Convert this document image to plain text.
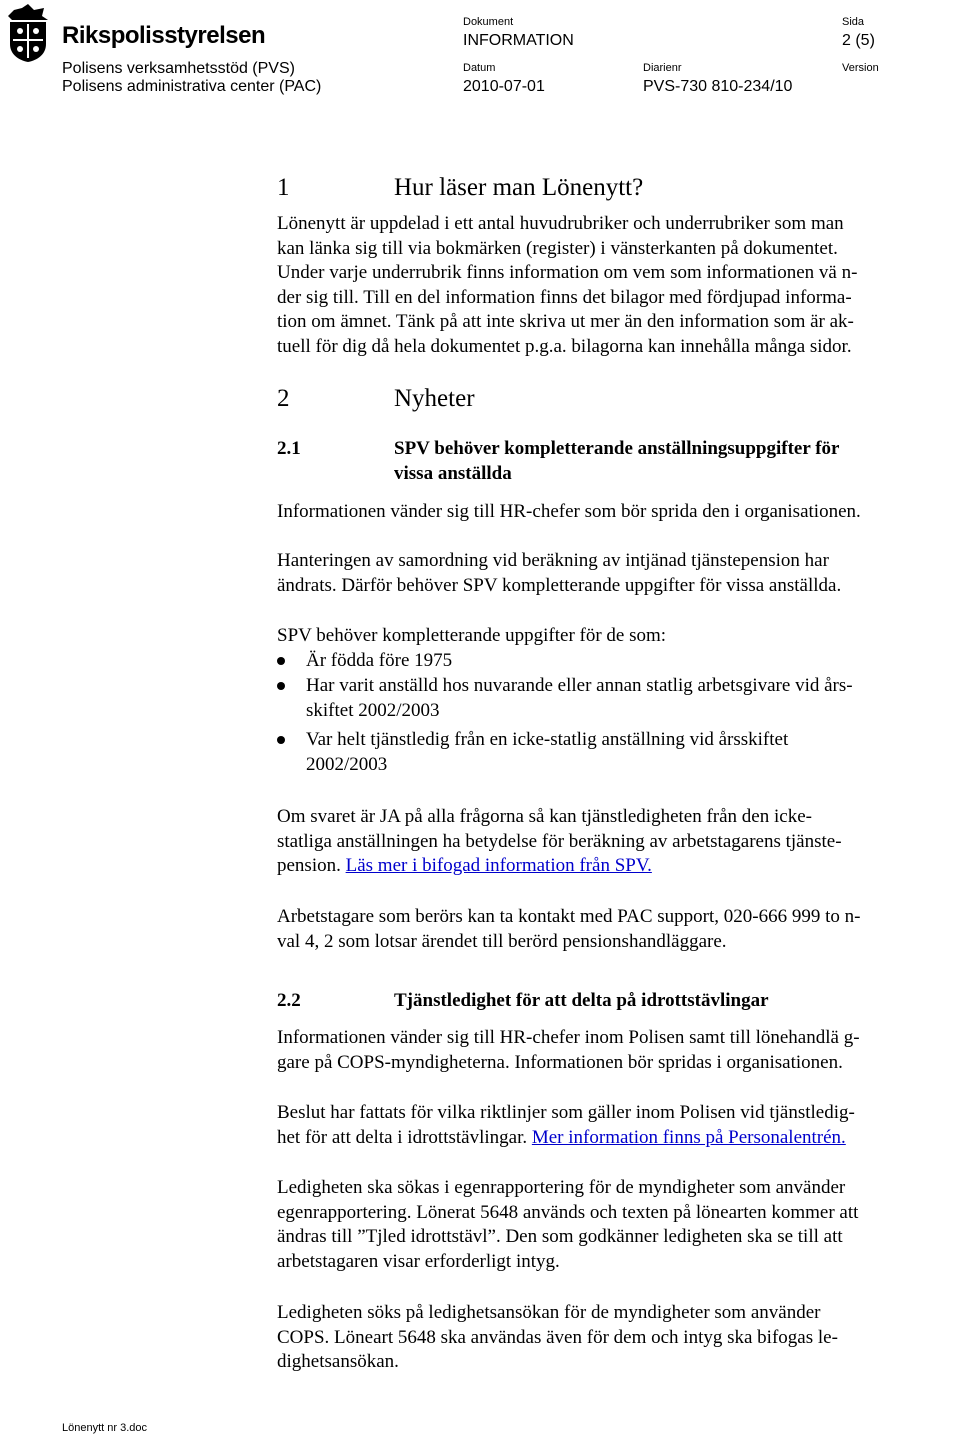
Rikspolisstyrelsen
Polisens verksamhetsstöd (PVS)
Polisens administrativa center (PAC)
Dokument
INFORMATION
Datum
2010-07-01
Diarienr
PVS-730 810-234/10
Sida
2 (5)
Version
1	Hur läser man Lönenytt?
Lönenytt är uppdelad i ett antal huvudrubriker och underrubriker som man
kan länka sig till via bokmärken (register) i vänsterkanten på dokumentet.
Under varje underrubrik finns information om vem som informationen vä n-
der sig till. Till en del information finns det bilagor med fördjupad informa-
tion om ämnet. Tänk på att inte skriva ut mer än den information som är ak-
tuell för dig då hela dokumentet p.g.a. bilagorna kan innehålla många sidor.
2	Nyheter
2.1	SPV behöver kompletterande anställningsuppgifter för
vissa anställda
Informationen vänder sig till HR-chefer som bör sprida den i organisationen.
Hanteringen av samordning vid beräkning av intjänad tjänstepension har
ändrats. Därför behöver SPV kompletterande uppgifter för vissa anställda.
SPV behöver kompletterande uppgifter för de som:
Är födda före 1975
Har varit anställd hos nuvarande eller annan statlig arbetsgivare vid års-
skiftet 2002/2003
Var helt tjänstledig från en icke-statlig anställning vid årsskiftet
2002/2003
Om svaret är JA på alla frågorna så kan tjänstledigheten från den icke-
statliga anställningen ha betydelse för beräkning av arbetstagarens tjänste-
pension. Läs mer i bifogad information från SPV.
Arbetstagare som berörs kan ta kontakt med PAC support, 020-666 999 to n-
val 4, 2 som lotsar ärendet till berörd pensionshandläggare.
2.2	Tjänstledighet för att delta på idrottstävlingar
Informationen vänder sig till HR-chefer inom Polisen samt till lönehandlä g-
gare på COPS-myndigheterna. Informationen bör spridas i organisationen.
Beslut har fattats för vilka riktlinjer som gäller inom Polisen vid tjänstledig-
het för att delta i idrottstävlingar. Mer information finns på Personalentrén.
Ledigheten ska sökas i egenrapportering för de myndigheter som använder
egenrapportering. Lönerat 5648 används och texten på lönearten kommer att
ändras till ”Tjled idrottstävl”. Den som godkänner ledigheten ska se till att
arbetstagaren visar erforderligt intyg.
Ledigheten söks på ledighetsansökan för de myndigheter som använder
COPS. Löneart 5648 ska användas även för dem och intyg ska bifogas le-
dighetsansökan.
Lönenytt nr 3.doc
